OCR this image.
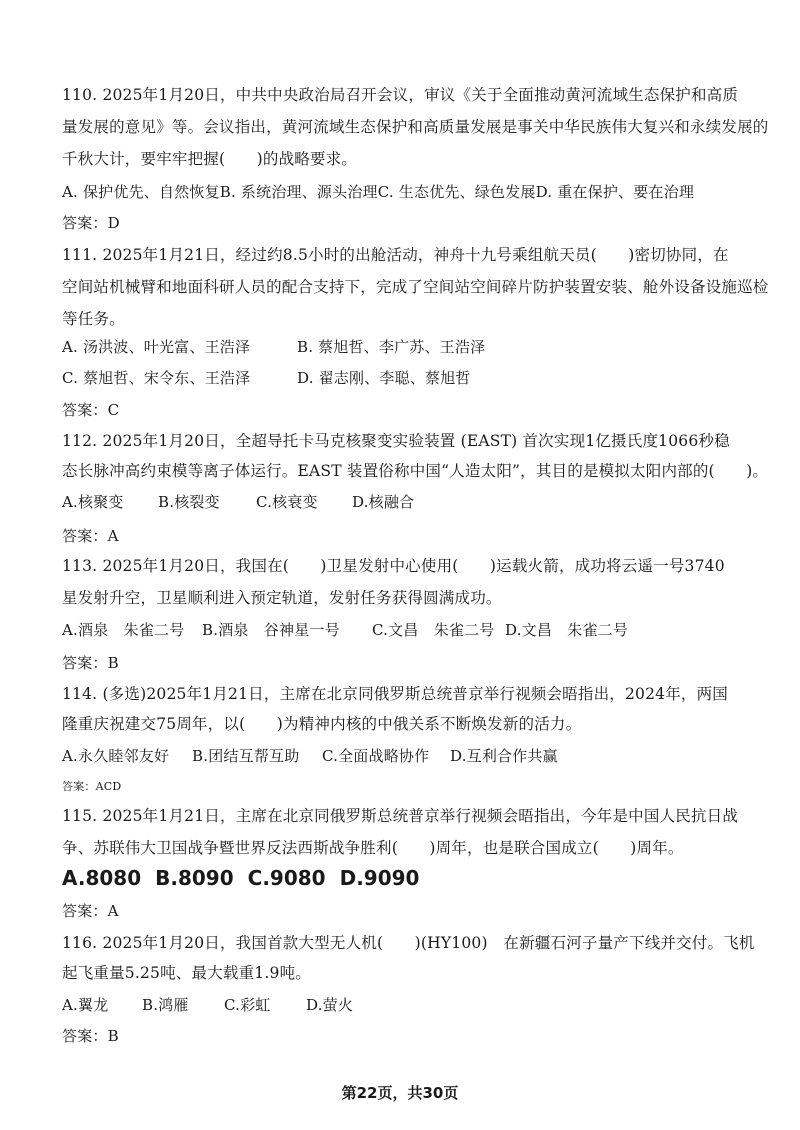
110. 2025年1月20日，中共中央政治局召开会议，审议《关于全面推动黄河流域生态保护和高质
量发展的意见》等。会议指出，黄河流域生态保护和高质量发展是事关中华民族伟大复兴和永续发展的
千秋大计，要牢牢把握(　　)的战略要求。
A. 保护优先、自然恢复B. 系统治理、源头治理C. 生态优先、绿色发展D. 重在保护、要在治理
答案：D
111. 2025年1月21日，经过约8.5小时的出舱活动，神舟十九号乘组航天员(　　)密切协同，在
空间站机械臂和地面科研人员的配合支持下，完成了空间站空间碎片防护装置安装、舱外设备设施巡检
等任务。
A. 汤洪波、叶光富、王浩泽	B. 蔡旭哲、李广苏、王浩泽
C. 蔡旭哲、宋令东、王浩泽	D. 翟志刚、李聪、蔡旭哲
答案：C
112. 2025年1月20日，全超导托卡马克核聚变实验装置 (EAST) 首次实现1亿摄氏度1066秒稳
态长脉冲高约束模等离子体运行。EAST 装置俗称中国“人造太阳”，其目的是模拟太阳内部的(　　)。
A.核聚变 B.核裂变 C.核衰变 D.核融合
答案：A
113. 2025年1月20日，我国在(　　)卫星发射中心使用(　　)运载火箭，成功将云遥一号3740
星发射升空，卫星顺利进入预定轨道，发射任务获得圆满成功。
A.酒泉　朱雀二号 B.酒泉　谷神星一号 C.文昌　朱雀二号 D.文昌　朱雀二号
答案：B
114. (多选)2025年1月21日，主席在北京同俄罗斯总统普京举行视频会晤指出，2024年，两国
隆重庆祝建交75周年，以(　　)为精神内核的中俄关系不断焕发新的活力。
A.永久睦邻友好 B.团结互帮互助 C.全面战略协作 D.互利合作共赢
答案：ACD
115. 2025年1月21日，主席在北京同俄罗斯总统普京举行视频会晤指出，今年是中国人民抗日战
争、苏联伟大卫国战争暨世界反法西斯战争胜利(　　)周年，也是联合国成立(　　)周年。
A.8080 B.8090 C.9080 D.9090
答案：A
116. 2025年1月20日，我国首款大型无人机(　　)(HY100)　在新疆石河子量产下线并交付。飞机
起飞重量5.25吨、最大载重1.9吨。
A.翼龙 B.鸿雁 C.彩虹 D.萤火
答案：B
第22页，共30页
